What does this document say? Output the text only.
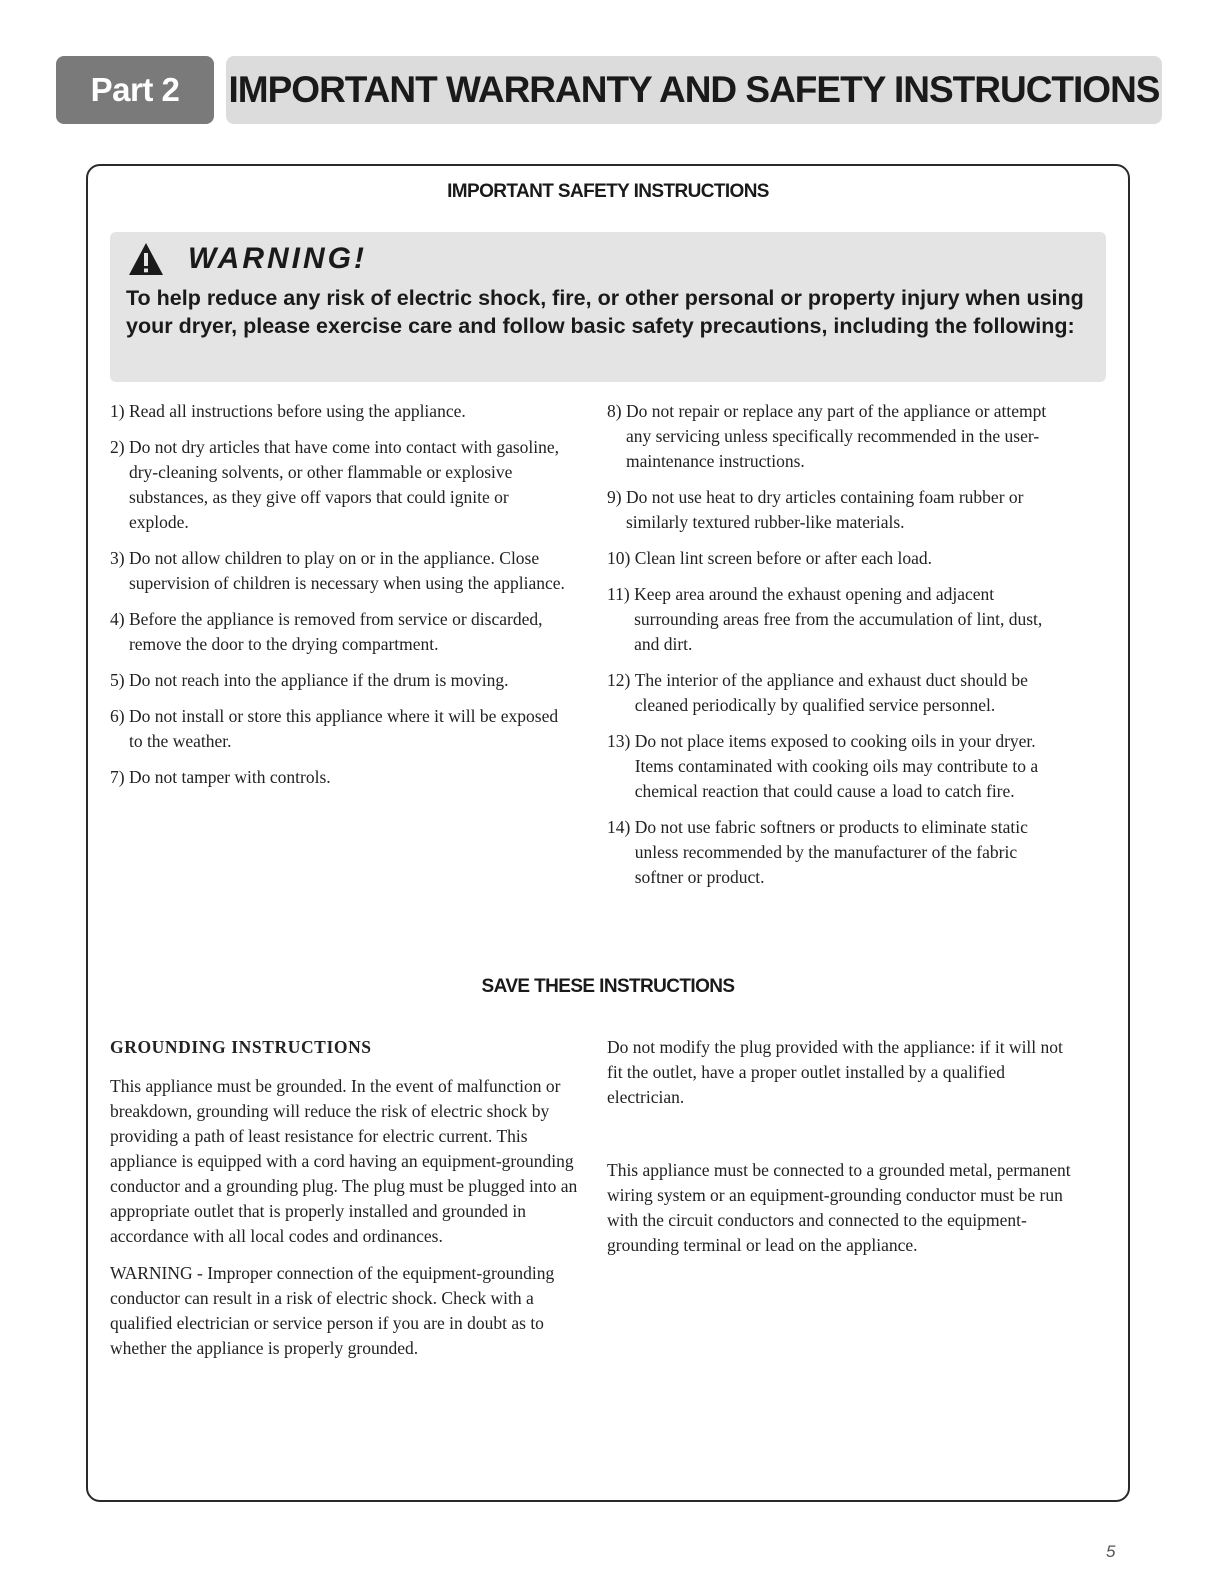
Part 2	IMPORTANT WARRANTY AND SAFETY INSTRUCTIONS
IMPORTANT SAFETY INSTRUCTIONS
WARNING!
To help reduce any risk of electric shock, fire, or other personal or property injury when using your dryer, please exercise care and follow basic safety precautions, including the following:
1) Read all instructions before using the appliance.
2) Do not dry articles that have come into contact with gasoline, dry-cleaning solvents, or other flammable or explosive substances, as they give off vapors that could ignite or explode.
3) Do not allow children to play on or in the appliance. Close supervision of children is necessary when using the appliance.
4) Before the appliance is removed from service or discarded, remove the door to the drying compartment.
5) Do not reach into the appliance if the drum is moving.
6) Do not install or store this appliance where it will be exposed to the weather.
7) Do not tamper with controls.
8) Do not repair or replace any part of the appliance or attempt any servicing unless specifically recommended in the user-maintenance instructions.
9) Do not use heat to dry articles containing foam rubber or similarly textured rubber-like materials.
10) Clean lint screen before or after each load.
11) Keep area around the exhaust opening and adjacent surrounding areas free from the accumulation of lint, dust, and dirt.
12) The interior of the appliance and exhaust duct should be cleaned periodically by qualified service personnel.
13) Do not place items exposed to cooking oils in your dryer. Items contaminated with cooking oils may contribute to a chemical reaction that could cause a load to catch fire.
14) Do not use fabric softners or products to eliminate static unless recommended by the manufacturer of the fabric softner or product.
SAVE THESE INSTRUCTIONS
GROUNDING INSTRUCTIONS
This appliance must be grounded. In the event of malfunction or breakdown, grounding will reduce the risk of electric shock by providing a path of least resistance for electric current. This appliance is equipped with a cord having an equipment-grounding conductor and a grounding plug. The plug must be plugged into an appropriate outlet that is properly installed and grounded in accordance with all local codes and ordinances.
WARNING - Improper connection of the equipment-grounding conductor can result in a risk of electric shock. Check with a qualified electrician or service person if you are in doubt as to whether the appliance is properly grounded.
Do not modify the plug provided with the appliance: if it will not fit the outlet, have a proper outlet installed by a qualified electrician.
This appliance must be connected to a grounded metal, permanent wiring system or an equipment-grounding conductor must be run with the circuit conductors and connected to the equipment-grounding terminal or lead on the appliance.
5
